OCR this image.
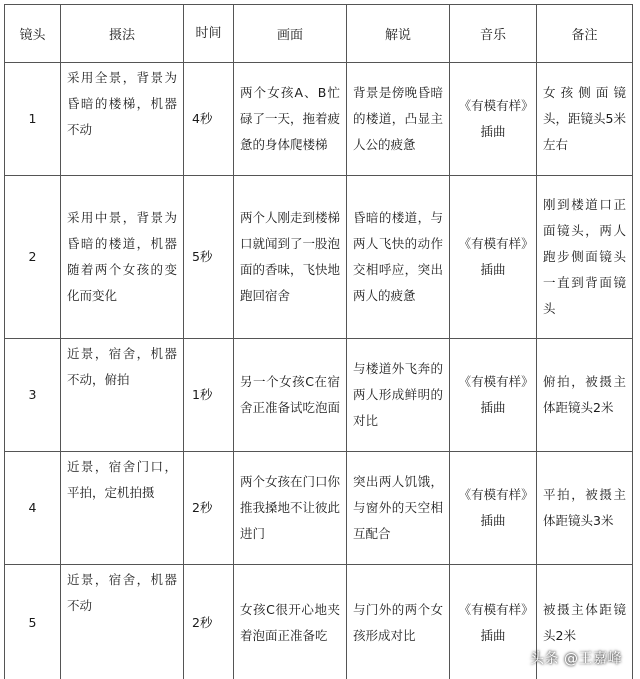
镜头	摄法	时间	画面	解说	音乐	备注
1	采用全景，背景为昏暗的楼梯，机器不动	4秒	两个女孩A、B忙碌了一天，拖着疲惫的身体爬楼梯	背景是傍晚昏暗的楼道，凸显主人公的疲惫	《有模有样》插曲	女孩侧面镜头，距镜头5米左右
2	采用中景，背景为昏暗的楼道，机器随着两个女孩的变化而变化	5秒	两个人刚走到楼梯口就闻到了一股泡面的香味，飞快地跑回宿舍	昏暗的楼道，与两人飞快的动作交相呼应，突出两人的疲惫	《有模有样》插曲	刚到楼道口正面镜头，两人跑步侧面镜头一直到背面镜头
3	近景，宿舍，机器不动，俯拍	1秒	另一个女孩C在宿舍正准备试吃泡面	与楼道外飞奔的两人形成鲜明的对比	《有模有样》插曲	俯拍，被摄主体距镜头2米
4	近景，宿舍门口，平拍，定机拍摄	2秒	两个女孩在门口你推我搡地不让彼此进门	突出两人饥饿，与窗外的天空相互配合	《有模有样》插曲	平拍，被摄主体距镜头3米
5	近景，宿舍，机器不动	2秒	女孩C很开心地夹着泡面正准备吃	与门外的两个女孩形成对比	《有模有样》插曲	被摄主体距镜头2米
头条 @王嘉峰
